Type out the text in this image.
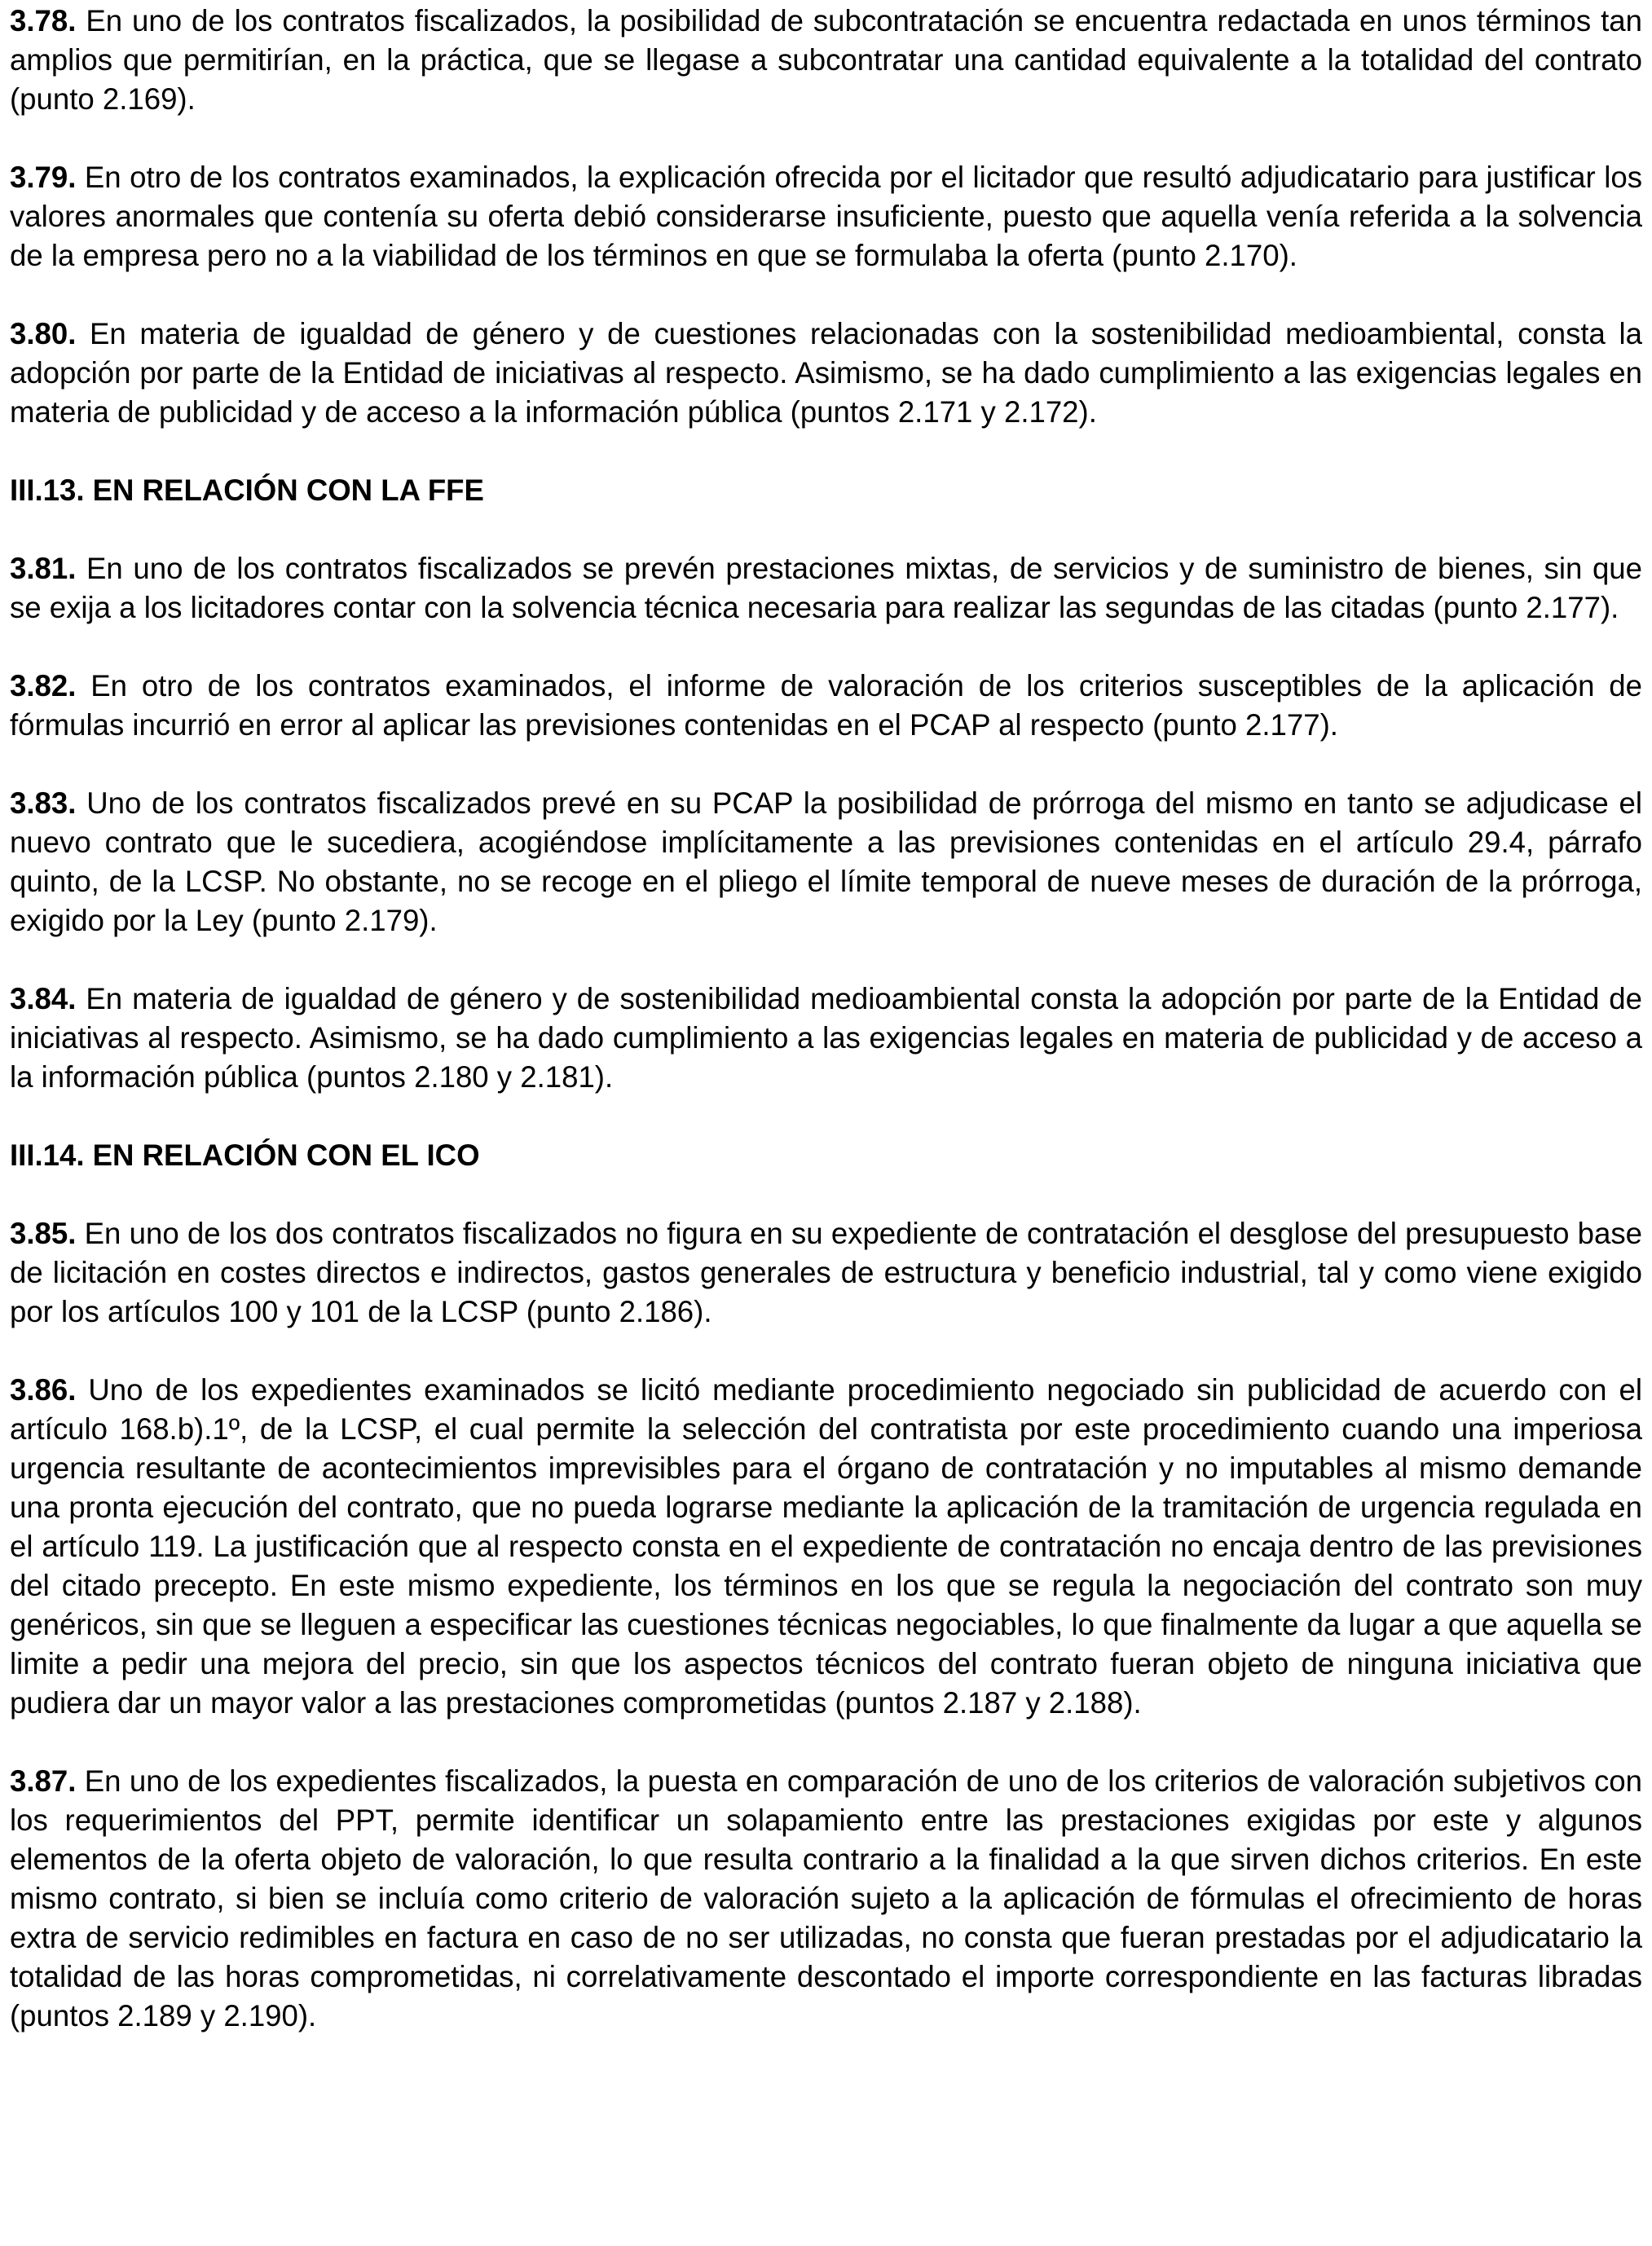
3.78. En uno de los contratos fiscalizados, la posibilidad de subcontratación se encuentra redactada en unos términos tan amplios que permitirían, en la práctica, que se llegase a subcontratar una cantidad equivalente a la totalidad del contrato (punto 2.169).

3.79. En otro de los contratos examinados, la explicación ofrecida por el licitador que resultó adjudicatario para justificar los valores anormales que contenía su oferta debió considerarse insuficiente, puesto que aquella venía referida a la solvencia de la empresa pero no a la viabilidad de los términos en que se formulaba la oferta (punto 2.170).

3.80. En materia de igualdad de género y de cuestiones relacionadas con la sostenibilidad medioambiental, consta la adopción por parte de la Entidad de iniciativas al respecto. Asimismo, se ha dado cumplimiento a las exigencias legales en materia de publicidad y de acceso a la información pública (puntos 2.171 y 2.172).

III.13. EN RELACIÓN CON LA FFE

3.81. En uno de los contratos fiscalizados se prevén prestaciones mixtas, de servicios y de suministro de bienes, sin que se exija a los licitadores contar con la solvencia técnica necesaria para realizar las segundas de las citadas (punto 2.177).

3.82. En otro de los contratos examinados, el informe de valoración de los criterios susceptibles de la aplicación de fórmulas incurrió en error al aplicar las previsiones contenidas en el PCAP al respecto (punto 2.177).

3.83. Uno de los contratos fiscalizados prevé en su PCAP la posibilidad de prórroga del mismo en tanto se adjudicase el nuevo contrato que le sucediera, acogiéndose implícitamente a las previsiones contenidas en el artículo 29.4, párrafo quinto, de la LCSP. No obstante, no se recoge en el pliego el límite temporal de nueve meses de duración de la prórroga, exigido por la Ley (punto 2.179).

3.84. En materia de igualdad de género y de sostenibilidad medioambiental consta la adopción por parte de la Entidad de iniciativas al respecto. Asimismo, se ha dado cumplimiento a las exigencias legales en materia de publicidad y de acceso a la información pública (puntos 2.180 y 2.181).

III.14. EN RELACIÓN CON EL ICO

3.85. En uno de los dos contratos fiscalizados no figura en su expediente de contratación el desglose del presupuesto base de licitación en costes directos e indirectos, gastos generales de estructura y beneficio industrial, tal y como viene exigido por los artículos 100 y 101 de la LCSP (punto 2.186).

3.86. Uno de los expedientes examinados se licitó mediante procedimiento negociado sin publicidad de acuerdo con el artículo 168.b).1º, de la LCSP, el cual permite la selección del contratista por este procedimiento cuando una imperiosa urgencia resultante de acontecimientos imprevisibles para el órgano de contratación y no imputables al mismo demande una pronta ejecución del contrato, que no pueda lograrse mediante la aplicación de la tramitación de urgencia regulada en el artículo 119. La justificación que al respecto consta en el expediente de contratación no encaja dentro de las previsiones del citado precepto. En este mismo expediente, los términos en los que se regula la negociación del contrato son muy genéricos, sin que se lleguen a especificar las cuestiones técnicas negociables, lo que finalmente da lugar a que aquella se limite a pedir una mejora del precio, sin que los aspectos técnicos del contrato fueran objeto de ninguna iniciativa que pudiera dar un mayor valor a las prestaciones comprometidas (puntos 2.187 y 2.188).

3.87. En uno de los expedientes fiscalizados, la puesta en comparación de uno de los criterios de valoración subjetivos con los requerimientos del PPT, permite identificar un solapamiento entre las prestaciones exigidas por este y algunos elementos de la oferta objeto de valoración, lo que resulta contrario a la finalidad a la que sirven dichos criterios. En este mismo contrato, si bien se incluía como criterio de valoración sujeto a la aplicación de fórmulas el ofrecimiento de horas extra de servicio redimibles en factura en caso de no ser utilizadas, no consta que fueran prestadas por el adjudicatario la totalidad de las horas comprometidas, ni correlativamente descontado el importe correspondiente en las facturas libradas (puntos 2.189 y 2.190).
